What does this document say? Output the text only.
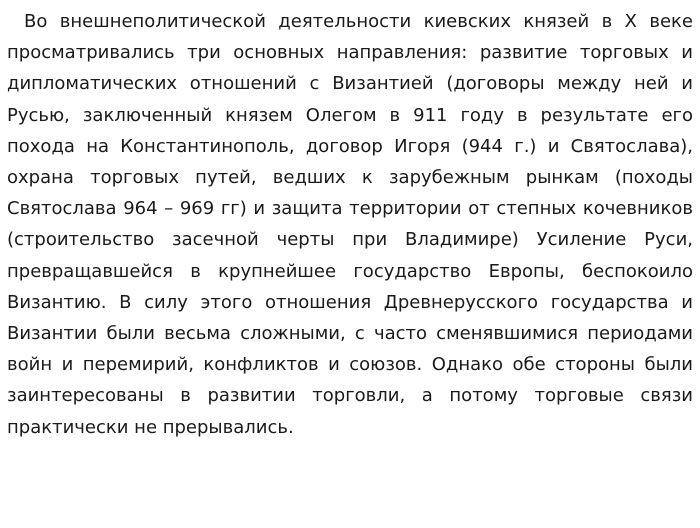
Во внешнеполитической деятельности киевских князей в Х веке просматривались три основных направления: развитие торговых и дипломатических отношений с Византией (договоры между ней и Русью, заключенный князем Олегом в 911 году в результате его похода на Константинополь, договор Игоря (944 г.) и Святослава), охрана торговых путей, ведших к зарубежным рынкам (походы Святослава 964 – 969 гг) и защита территории от степных кочевников (строительство засечной черты при Владимире) Усиление Руси, превращавшейся в крупнейшее государство Европы, беспокоило Византию. В силу этого отношения Древнерусского государства и Византии были весьма сложными, с часто сменявшимися периодами войн и перемирий, конфликтов и союзов. Однако обе стороны были заинтересованы в развитии торговли, а потому торговые связи практически не прерывались.
